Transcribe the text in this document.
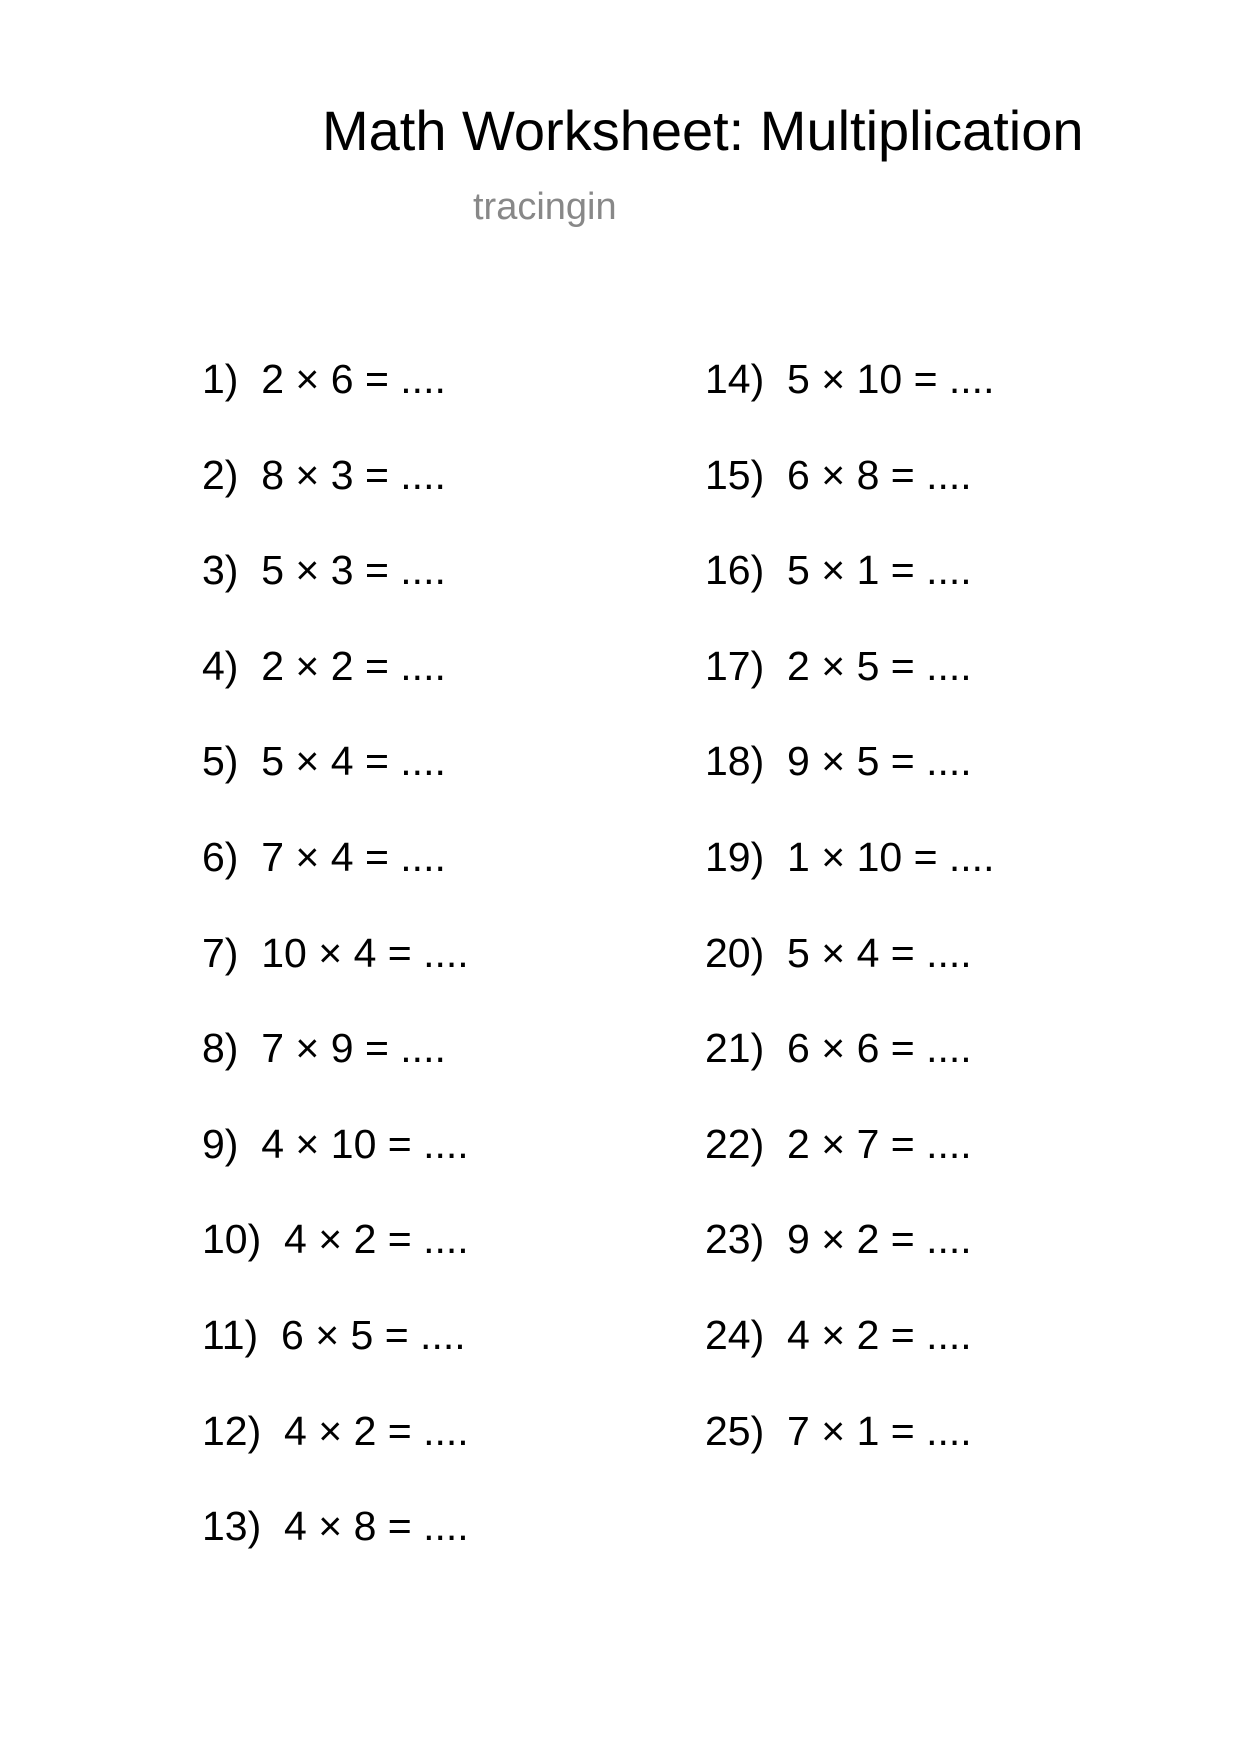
Math Worksheet: Multiplication
tracingin
1)  2 × 6 = ....
2)  8 × 3 = ....
3)  5 × 3 = ....
4)  2 × 2 = ....
5)  5 × 4 = ....
6)  7 × 4 = ....
7)  10 × 4 = ....
8)  7 × 9 = ....
9)  4 × 10 = ....
10)  4 × 2 = ....
11)  6 × 5 = ....
12)  4 × 2 = ....
13)  4 × 8 = ....
14)  5 × 10 = ....
15)  6 × 8 = ....
16)  5 × 1 = ....
17)  2 × 5 = ....
18)  9 × 5 = ....
19)  1 × 10 = ....
20)  5 × 4 = ....
21)  6 × 6 = ....
22)  2 × 7 = ....
23)  9 × 2 = ....
24)  4 × 2 = ....
25)  7 × 1 = ....
